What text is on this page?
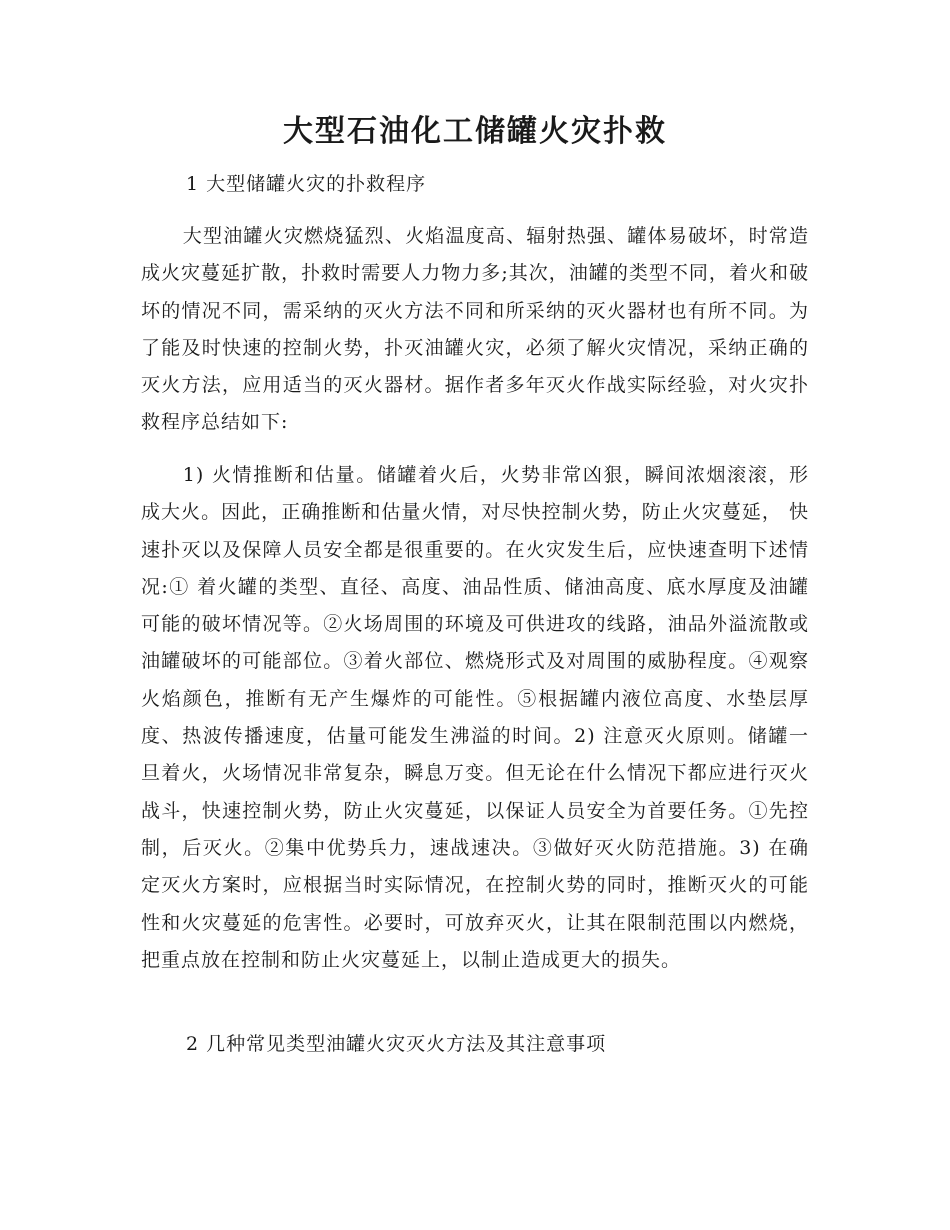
大型石油化工储罐火灾扑救

1 大型储罐火灾的扑救程序

大型油罐火灾燃烧猛烈、火焰温度高、辐射热强、罐体易破坏，时常造成火灾蔓延扩散，扑救时需要人力物力多;其次，油罐的类型不同，着火和破坏的情况不同，需采纳的灭火方法不同和所采纳的灭火器材也有所不同。为了能及时快速的控制火势，扑灭油罐火灾，必须了解火灾情况，采纳正确的灭火方法，应用适当的灭火器材。据作者多年灭火作战实际经验，对火灾扑救程序总结如下:

1) 火情推断和估量。储罐着火后，火势非常凶狠，瞬间浓烟滚滚，形成大火。因此，正确推断和估量火情，对尽快控制火势，防止火灾蔓延， 快速扑灭以及保障人员安全都是很重要的。在火灾发生后，应快速查明下述情况:① 着火罐的类型、直径、高度、油品性质、储油高度、底水厚度及油罐可能的破坏情况等。②火场周围的环境及可供进攻的线路，油品外溢流散或油罐破坏的可能部位。③着火部位、燃烧形式及对周围的威胁程度。④观察火焰颜色，推断有无产生爆炸的可能性。⑤根据罐内液位高度、水垫层厚度、热波传播速度，估量可能发生沸溢的时间。2) 注意灭火原则。储罐一旦着火，火场情况非常复杂，瞬息万变。但无论在什么情况下都应进行灭火战斗，快速控制火势，防止火灾蔓延，以保证人员安全为首要任务。①先控制，后灭火。②集中优势兵力，速战速决。③做好灭火防范措施。3) 在确定灭火方案时，应根据当时实际情况，在控制火势的同时，推断灭火的可能性和火灾蔓延的危害性。必要时，可放弃灭火，让其在限制范围以内燃烧，把重点放在控制和防止火灾蔓延上，以制止造成更大的损失。

2 几种常见类型油罐火灾灭火方法及其注意事项
